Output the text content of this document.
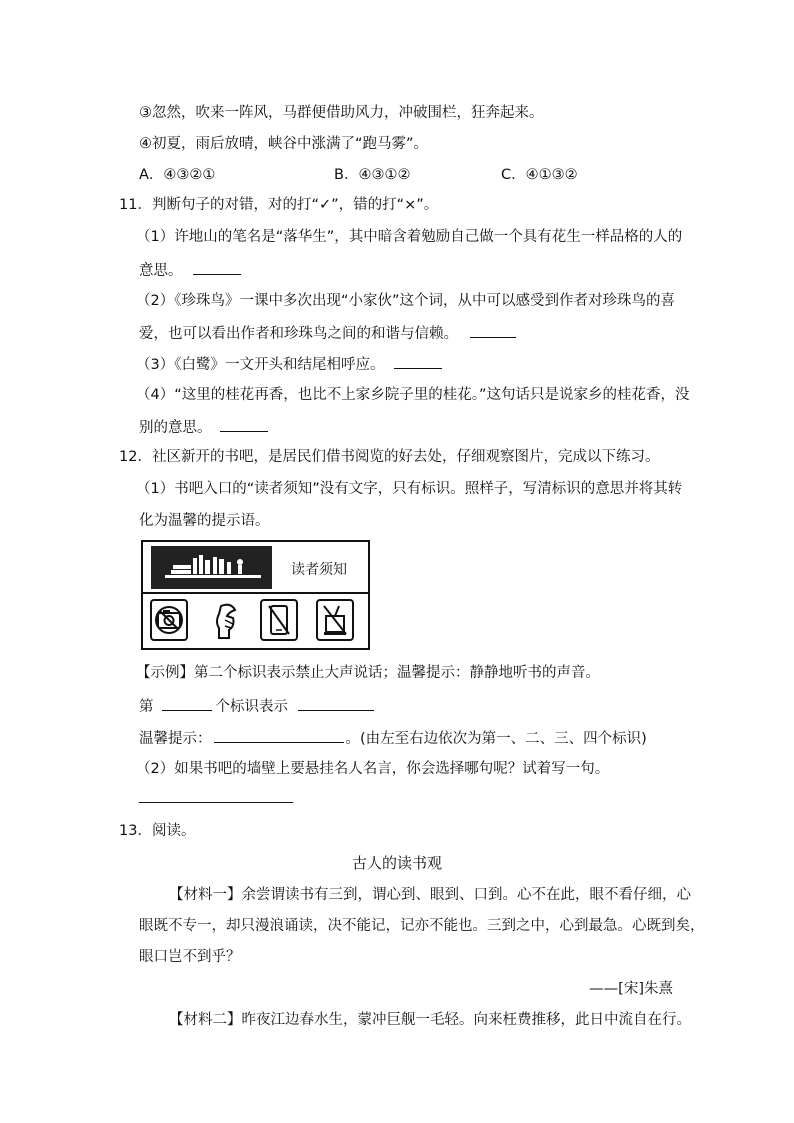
③忽然，吹来一阵风，马群便借助风力，冲破围栏，狂奔起来。
④初夏，雨后放晴，峡谷中涨满了“跑马雾”。
A．④③②①	B．④③①②	C．④①③②
11．判断句子的对错，对的打“✓”，错的打“×”。
（1）许地山的笔名是“落华生”，其中暗含着勉励自己做一个具有花生一样品格的人的
意思。
（2）《珍珠鸟》一课中多次出现“小家伙”这个词，从中可以感受到作者对珍珠鸟的喜
爱，也可以看出作者和珍珠鸟之间的和谐与信赖。
（3）《白鹭》一文开头和结尾相呼应。
（4）“这里的桂花再香，也比不上家乡院子里的桂花。”这句话只是说家乡的桂花香，没
别的意思。
12．社区新开的书吧，是居民们借书阅览的好去处，仔细观察图片，完成以下练习。
（1）书吧入口的“读者须知”没有文字，只有标识。照样子，写清标识的意思并将其转
化为温馨的提示语。
读者须知
【示例】第二个标识表示禁止大声说话；温馨提示：静静地听书的声音。
第	个标识表示
温馨提示：	。(由左至右边依次为第一、二、三、四个标识)
（2）如果书吧的墙壁上要悬挂名人名言，你会选择哪句呢？试着写一句。
13．阅读。
古人的读书观
【材料一】余尝谓读书有三到，谓心到、眼到、口到。心不在此，眼不看仔细，心
眼既不专一，却只漫浪诵读，决不能记，记亦不能也。三到之中，心到最急。心既到矣，
眼口岂不到乎？
——[宋]朱熹
【材料二】昨夜江边春水生，蒙冲巨舰一毛轻。向来枉费推移，此日中流自在行。
